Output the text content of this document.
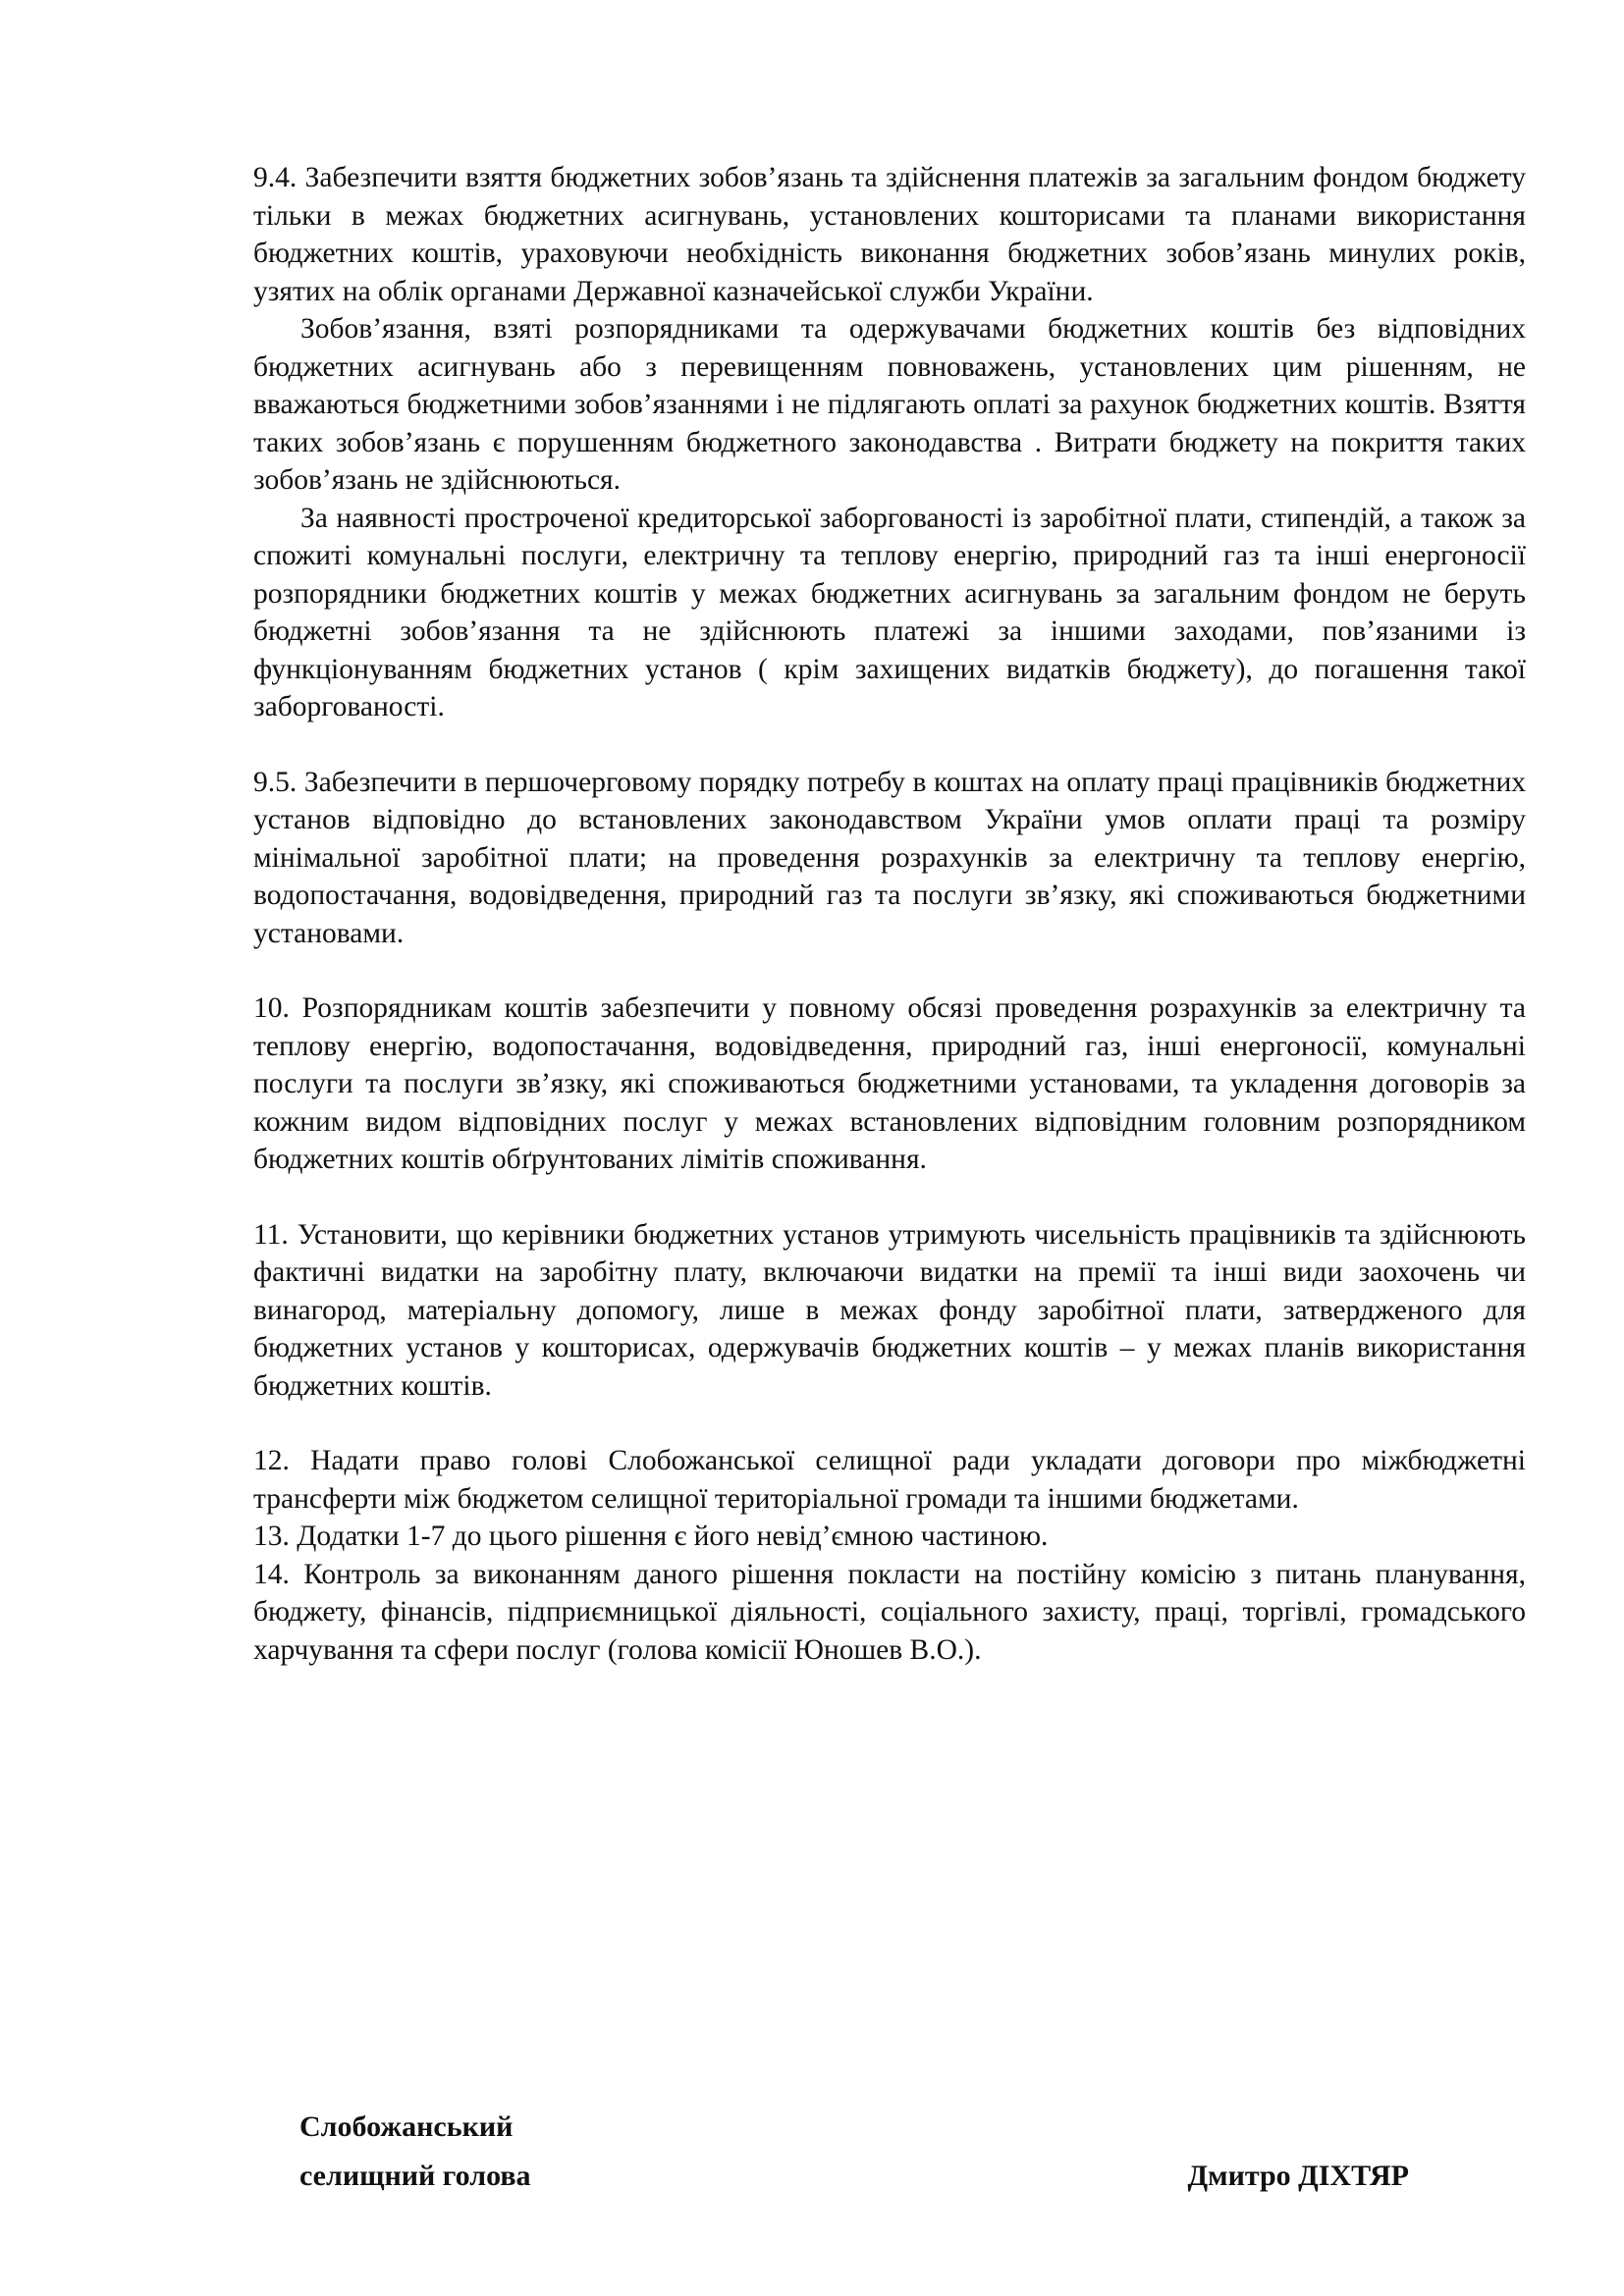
9.4. Забезпечити взяття бюджетних зобов’язань та здійснення платежів за загальним фондом бюджету тільки в межах бюджетних асигнувань, установлених кошторисами та планами використання бюджетних коштів, ураховуючи необхідність виконання бюджетних зобов’язань минулих років, узятих на облік органами Державної казначейської служби України.

Зобов’язання, взяті розпорядниками та одержувачами бюджетних коштів без відповідних бюджетних асигнувань або з перевищенням повноважень, установлених цим рішенням, не вважаються бюджетними зобов’язаннями і не підлягають оплаті за рахунок бюджетних коштів. Взяття таких зобов’язань є порушенням бюджетного законодавства . Витрати бюджету на покриття таких зобов’язань не здійснюються.

За наявності простроченої кредиторської заборгованості із заробітної плати, стипендій, а також за спожиті комунальні послуги, електричну та теплову енергію, природний газ та інші енергоносії розпорядники бюджетних коштів у межах бюджетних асигнувань за загальним фондом не беруть бюджетні зобов’язання та не здійснюють платежі за іншими заходами, пов’язаними із функціонуванням бюджетних установ ( крім захищених видатків бюджету), до погашення такої заборгованості.

9.5. Забезпечити в першочерговому порядку потребу в коштах на оплату праці працівників бюджетних установ відповідно до встановлених законодавством України умов оплати праці та розміру мінімальної заробітної плати; на проведення розрахунків за електричну та теплову енергію, водопостачання, водовідведення, природний газ та послуги зв’язку, які споживаються бюджетними установами.

10. Розпорядникам коштів забезпечити у повному обсязі проведення розрахунків за електричну та теплову енергію, водопостачання, водовідведення, природний газ, інші енергоносії, комунальні послуги та послуги зв’язку, які споживаються бюджетними установами, та укладення договорів за кожним видом відповідних послуг у межах встановлених відповідним головним розпорядником бюджетних коштів обґрунтованих лімітів споживання.

11. Установити, що керівники бюджетних установ утримують чисельність працівників та здійснюють фактичні видатки на заробітну плату, включаючи видатки на премії та інші види заохочень чи винагород, матеріальну допомогу, лише в межах фонду заробітної плати, затвердженого для бюджетних установ у кошторисах, одержувачів бюджетних коштів – у межах планів використання бюджетних коштів.

12. Надати право голові Слобожанської селищної ради укладати договори про міжбюджетні трансферти між бюджетом селищної територіальної громади та іншими бюджетами.

13. Додатки 1-7 до цього рішення є його невід’ємною частиною.

14. Контроль за виконанням даного рішення покласти на постійну комісію з питань планування, бюджету, фінансів, підприємницької діяльності, соціального захисту, праці, торгівлі, громадського харчування та сфери послуг (голова комісії Юношев В.О.).

Слобожанський
селищний голова	Дмитро ДІХТЯР
